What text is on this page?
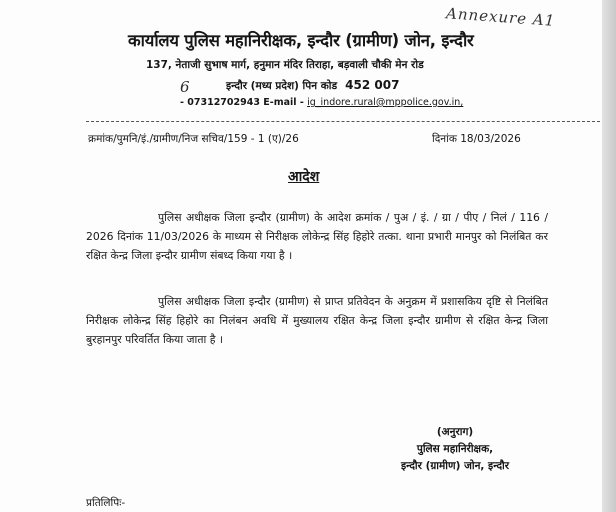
Annexure A1
कार्यालय पुलिस महानिरीक्षक, इन्दौर (ग्रामीण) जोन, इन्दौर
137, नेताजी सुभाष मार्ग, हनुमान मंदिर तिराहा, बड़वाली चौकी मेन रोड
6	इन्दौर (मध्य प्रदेश) पिन कोड 452 007
- 07312702943 E-mail - ig_indore.rural@mppolice.gov.in,
क्रमांक/पुमनि/इं./ग्रामीण/निज सचिव/159 - 1 (ए)/26	दिनांक 18/03/2026
आदेश
पुलिस अधीक्षक जिला इन्दौर (ग्रामीण) के आदेश क्रमांक / पुअ / इं. / ग्रा / पीए / निलं / 116 / 2026 दिनांक 11/03/2026 के माध्यम से निरीक्षक लोकेन्द्र सिंह हिहोरे तत्का. थाना प्रभारी मानपुर को निलंबित कर रक्षित केन्द्र जिला इन्दौर ग्रामीण संबध्द किया गया है ।
पुलिस अधीक्षक जिला इन्दौर (ग्रामीण) से प्राप्त प्रतिवेदन के अनुक्रम में प्रशासकिय दृष्टि से निलंबित निरीक्षक लोकेन्द्र सिंह हिहोरे का निलंबन अवधि में मुख्यालय रक्षित केन्द्र जिला इन्दौर ग्रामीण से रक्षित केन्द्र जिला बुरहानपुर परिवर्तित किया जाता है ।
(अनुराग)
पुलिस महानिरीक्षक,
इन्दौर (ग्रामीण) जोन, इन्दौर
प्रतिलिपिः-
